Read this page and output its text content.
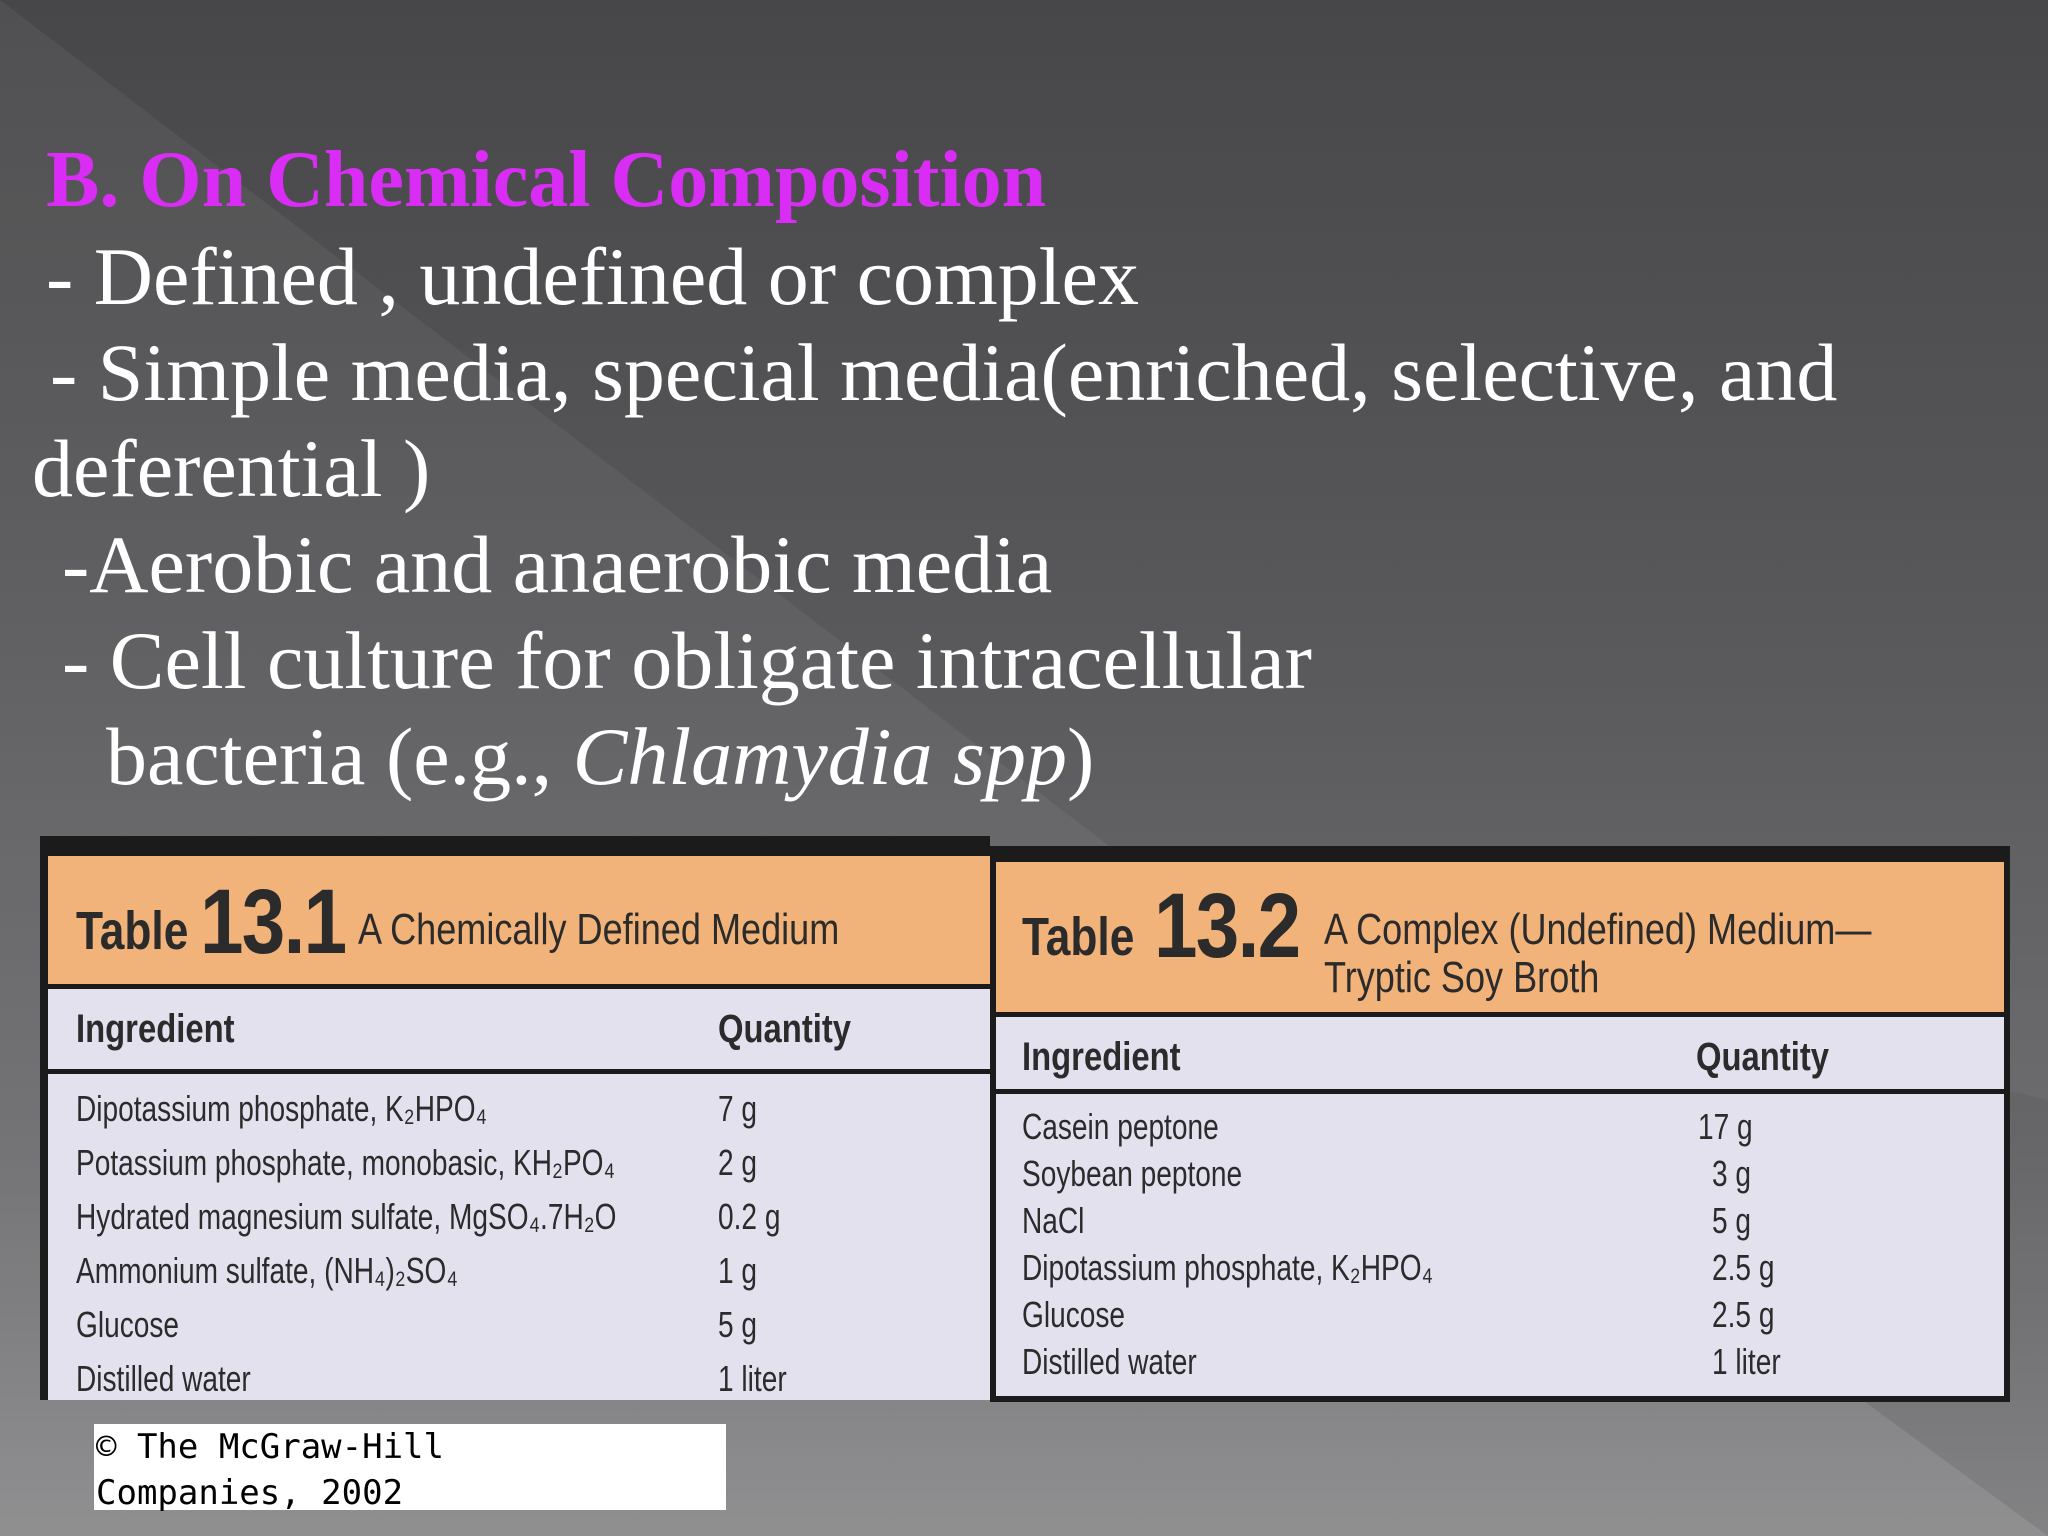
B. On Chemical Composition

- Defined , undefined or complex

- Simple media, special media(enriched, selective, and

deferential )

-Aerobic and anaerobic media

- Cell culture for obligate intracellular

bacteria (e.g., Chlamydia spp)

Table 13.1 A Chemically Defined Medium
Ingredient	Quantity
Dipotassium phosphate, K₂HPO₄	7 g
Potassium phosphate, monobasic, KH₂PO₄	2 g
Hydrated magnesium sulfate, MgSO₄.7H₂O	0.2 g
Ammonium sulfate, (NH₄)₂SO₄	1 g
Glucose	5 g
Distilled water	1 liter
Table 13.2 A Complex (Undefined) Medium—
Tryptic Soy Broth
Ingredient	Quantity
Casein peptone	17 g
Soybean peptone	3 g
NaCl	5 g
Dipotassium phosphate, K₂HPO₄	2.5 g
Glucose	2.5 g
Distilled water	1 liter
© The McGraw-Hill
Companies, 2002
